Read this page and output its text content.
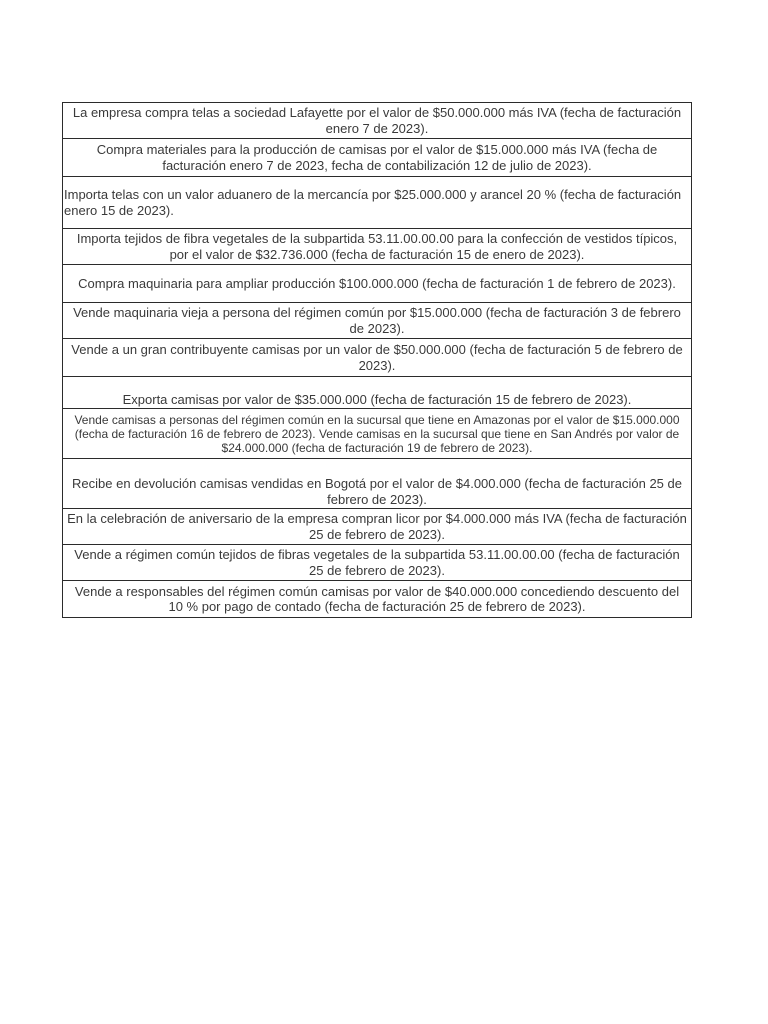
La empresa compra telas a sociedad Lafayette por el valor de $50.000.000 más IVA (fecha de facturación enero 7 de 2023).
Compra materiales para la producción de camisas por el valor de $15.000.000 más IVA (fecha de facturación enero 7 de 2023, fecha de contabilización 12 de julio de 2023).
Importa telas con un valor aduanero de la mercancía por $25.000.000 y arancel 20 % (fecha de facturación enero 15 de 2023).
Importa tejidos de fibra vegetales de la subpartida 53.11.00.00.00 para la confección de vestidos típicos, por el valor de $32.736.000 (fecha de facturación 15 de enero de 2023).
Compra maquinaria para ampliar producción $100.000.000 (fecha de facturación 1 de febrero de 2023).
Vende maquinaria vieja a persona del régimen común por $15.000.000 (fecha de facturación 3 de febrero de 2023).
Vende a un gran contribuyente camisas por un valor de $50.000.000 (fecha de facturación 5 de febrero de 2023).
Exporta camisas por valor de $35.000.000 (fecha de facturación 15 de febrero de 2023).
Vende camisas a personas del régimen común en la sucursal que tiene en Amazonas por el valor de $15.000.000 (fecha de facturación 16 de febrero de 2023). Vende camisas en la sucursal que tiene en San Andrés por valor de $24.000.000 (fecha de facturación 19 de febrero de 2023).
Recibe en devolución camisas vendidas en Bogotá por el valor de $4.000.000 (fecha de facturación 25 de febrero de 2023).
En la celebración de aniversario de la empresa compran licor por $4.000.000 más IVA (fecha de facturación 25 de febrero de 2023).
Vende a régimen común tejidos de fibras vegetales de la subpartida 53.11.00.00.00 (fecha de facturación 25 de febrero de 2023).
Vende a responsables del régimen común camisas por valor de $40.000.000 concediendo descuento del 10 % por pago de contado (fecha de facturación 25 de febrero de 2023).
